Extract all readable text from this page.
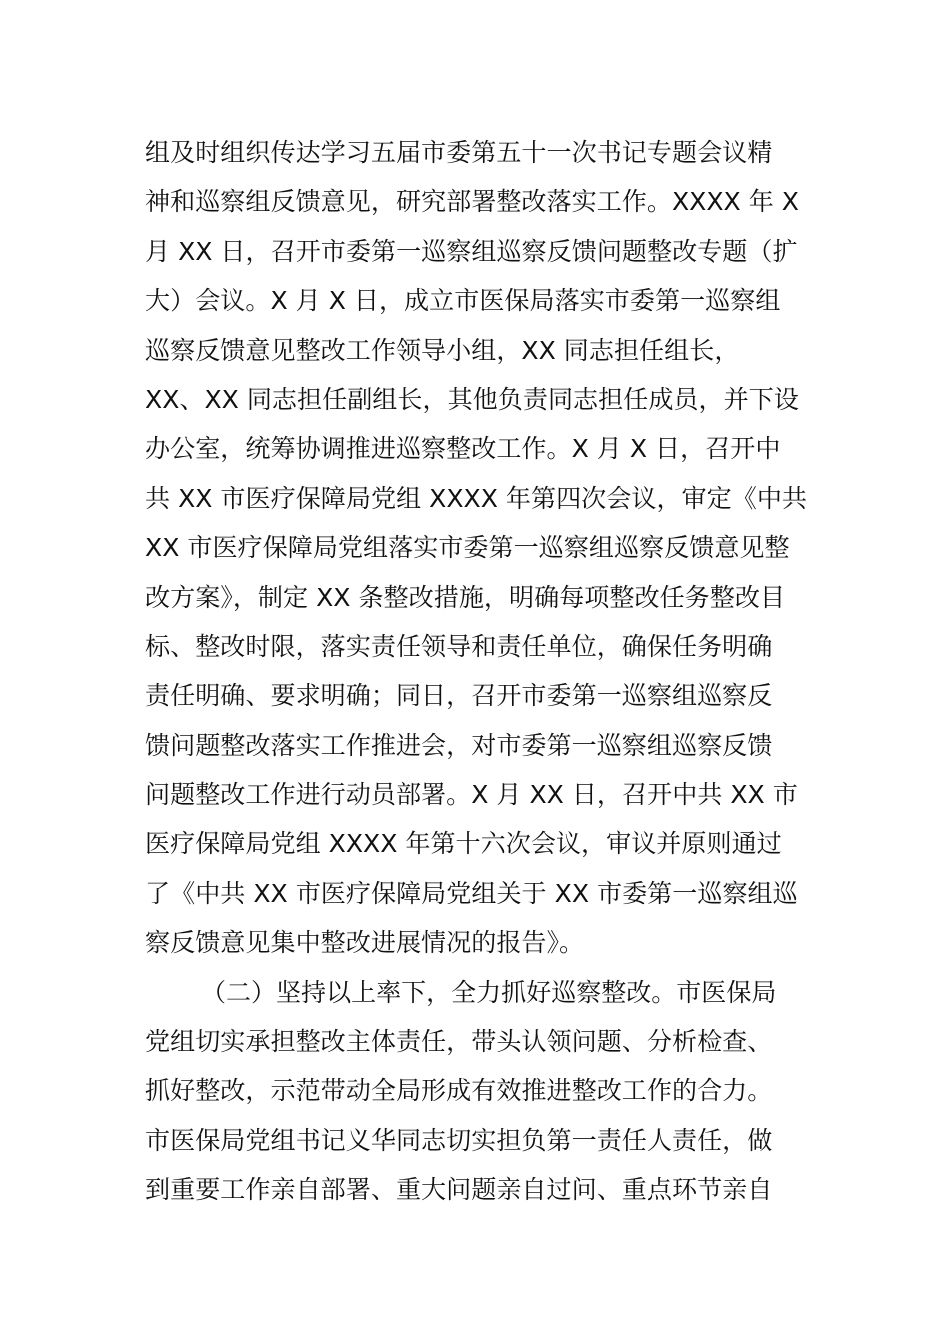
组及时组织传达学习五届市委第五十一次书记专题会议精
神和巡察组反馈意见，研究部署整改落实工作。XXXX 年 X
月 XX 日，召开市委第一巡察组巡察反馈问题整改专题（扩
大）会议。X 月 X 日，成立市医保局落实市委第一巡察组
巡察反馈意见整改工作领导小组，XX 同志担任组长，
XX、XX 同志担任副组长，其他负责同志担任成员，并下设
办公室，统筹协调推进巡察整改工作。X 月 X 日，召开中
共 XX 市医疗保障局党组 XXXX 年第四次会议，审定《中共
XX 市医疗保障局党组落实市委第一巡察组巡察反馈意见整
改方案》，制定 XX 条整改措施，明确每项整改任务整改目
标、整改时限，落实责任领导和责任单位，确保任务明确
责任明确、要求明确；同日，召开市委第一巡察组巡察反
馈问题整改落实工作推进会，对市委第一巡察组巡察反馈
问题整改工作进行动员部署。X 月 XX 日，召开中共 XX 市
医疗保障局党组 XXXX 年第十六次会议，审议并原则通过
了《中共 XX 市医疗保障局党组关于 XX 市委第一巡察组巡
察反馈意见集中整改进展情况的报告》。
（二）坚持以上率下，全力抓好巡察整改。市医保局
党组切实承担整改主体责任，带头认领问题、分析检查、
抓好整改，示范带动全局形成有效推进整改工作的合力。
市医保局党组书记义华同志切实担负第一责任人责任，做
到重要工作亲自部署、重大问题亲自过问、重点环节亲自
